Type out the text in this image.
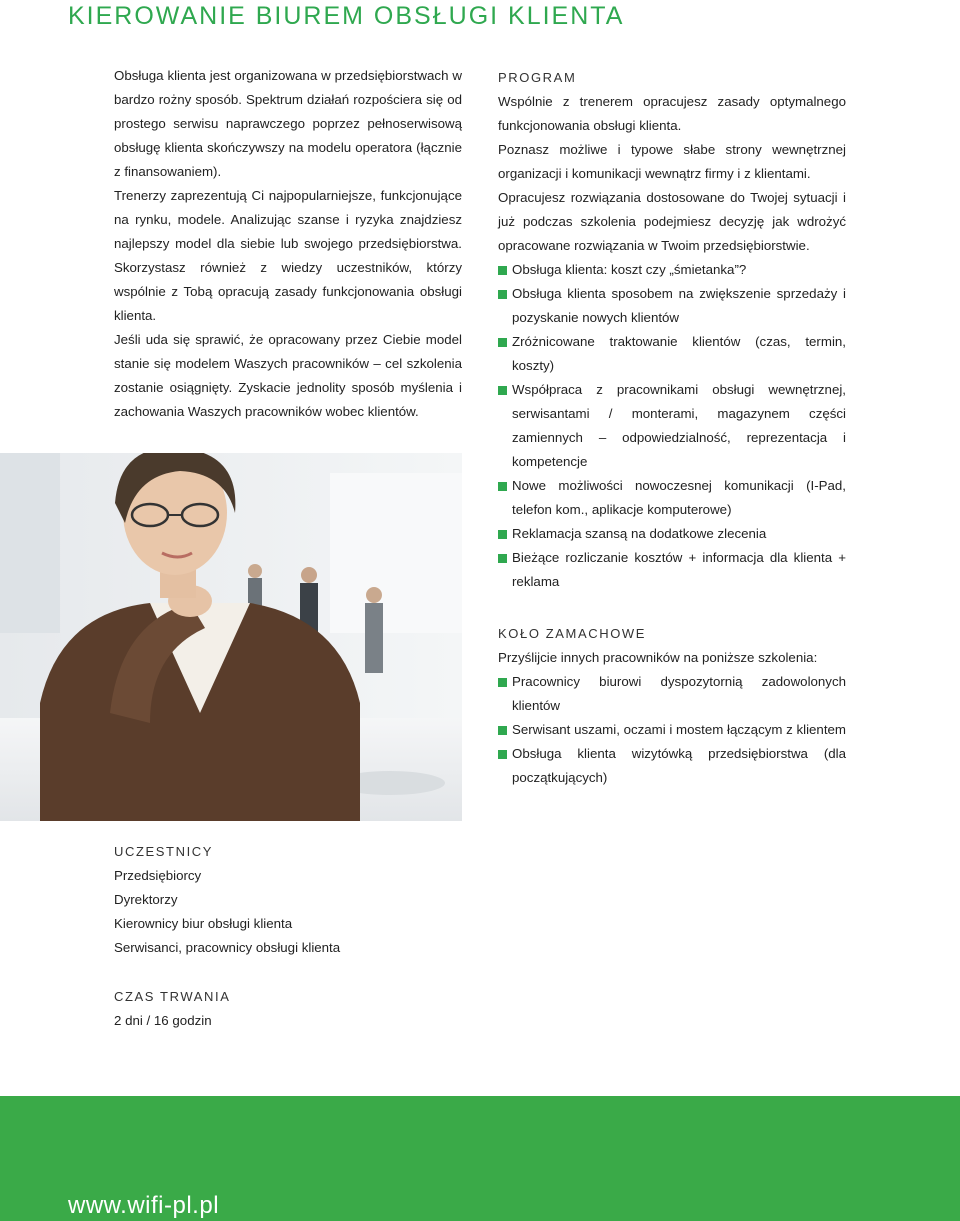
KIEROWANIE BIUREM OBSŁUGI KLIENTA

Obsługa klienta jest organizowana w przedsiębiorstwach w bardzo rożny sposób. Spektrum działań rozpościera się od prostego serwisu naprawczego poprzez pełnoserwisową obsługę klienta skończywszy na modelu operatora (łącznie z finansowaniem).

Trenerzy zaprezentują Ci najpopularniejsze, funkcjonujące na rynku, modele. Analizując szanse i ryzyka znajdziesz najlepszy model dla siebie lub swojego przedsiębiorstwa. Skorzystasz również z wiedzy uczestników, którzy wspólnie z Tobą opracują zasady funkcjonowania obsługi klienta.

Jeśli uda się sprawić, że opracowany przez Ciebie model stanie się modelem Waszych pracowników – cel szkolenia zostanie osiągnięty. Zyskacie jednolity sposób myślenia i zachowania Waszych pracowników wobec klientów.

PROGRAM

Wspólnie z trenerem opracujesz zasady optymalnego funkcjonowania obsługi klienta.

Poznasz możliwe i typowe słabe strony wewnętrznej organizacji i komunikacji wewnątrz firmy i z klientami.

Opracujesz rozwiązania dostosowane do Twojej sytuacji i już podczas szkolenia podejmiesz decyzję jak wdrożyć opracowane rozwiązania w Twoim przedsiębiorstwie.

Obsługa klienta: koszt czy „śmietanka”?

Obsługa klienta sposobem na zwiększenie sprzedaży i pozyskanie nowych klientów

Zróżnicowane traktowanie klientów (czas, termin, koszty)

Współpraca z pracownikami obsługi wewnętrznej, serwisantami / monterami, magazynem części zamiennych – odpowiedzialność, reprezentacja i kompetencje

Nowe możliwości nowoczesnej komunikacji (I-Pad, telefon kom., aplikacje komputerowe)

Reklamacja szansą na dodatkowe zlecenia

Bieżące rozliczanie kosztów + informacja dla klienta + reklama

KOŁO ZAMACHOWE

Przyślijcie innych pracowników na poniższe szkolenia:

Pracownicy biurowi dyspozytornią zadowolonych klientów

Serwisant uszami, oczami i mostem łączącym z klientem

Obsługa klienta wizytówką przedsiębiorstwa (dla początkujących)

UCZESTNICY

Przedsiębiorcy

Dyrektorzy

Kierownicy biur obsługi klienta

Serwisanci, pracownicy obsługi klienta

CZAS TRWANIA

2 dni / 16 godzin

www.wifi-pl.pl
